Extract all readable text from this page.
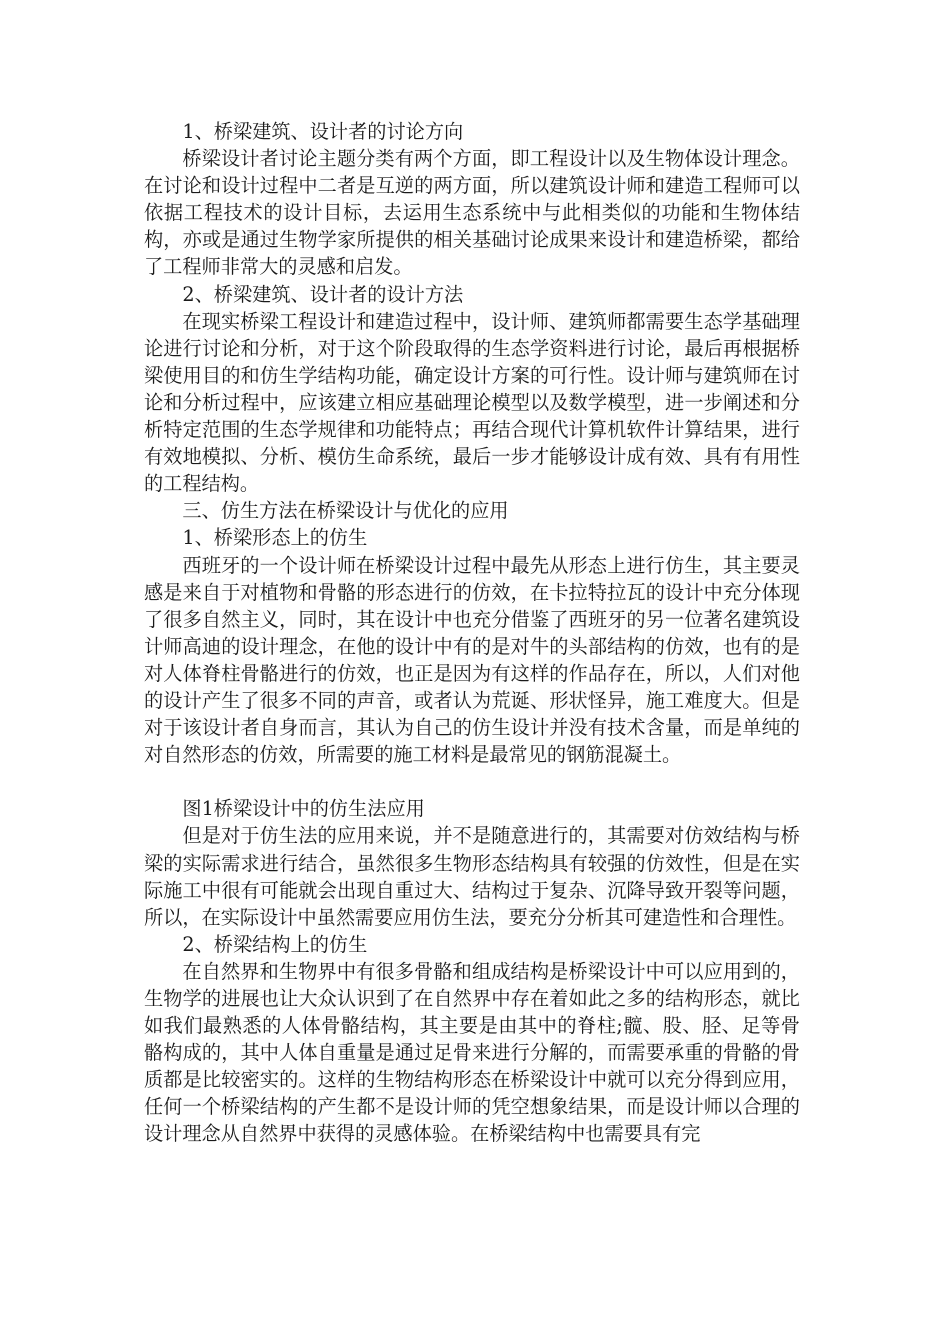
1、桥梁建筑、设计者的讨论方向

桥梁设计者讨论主题分类有两个方面，即工程设计以及生物体设计理念。在讨论和设计过程中二者是互逆的两方面，所以建筑设计师和建造工程师可以依据工程技术的设计目标，去运用生态系统中与此相类似的功能和生物体结构，亦或是通过生物学家所提供的相关基础讨论成果来设计和建造桥梁，都给了工程师非常大的灵感和启发。

2、桥梁建筑、设计者的设计方法

在现实桥梁工程设计和建造过程中，设计师、建筑师都需要生态学基础理论进行讨论和分析，对于这个阶段取得的生态学资料进行讨论，最后再根据桥梁使用目的和仿生学结构功能，确定设计方案的可行性。设计师与建筑师在讨论和分析过程中，应该建立相应基础理论模型以及数学模型，进一步阐述和分析特定范围的生态学规律和功能特点；再结合现代计算机软件计算结果，进行有效地模拟、分析、模仿生命系统，最后一步才能够设计成有效、具有有用性的工程结构。

三、仿生方法在桥梁设计与优化的应用

1、桥梁形态上的仿生

西班牙的一个设计师在桥梁设计过程中最先从形态上进行仿生，其主要灵感是来自于对植物和骨骼的形态进行的仿效，在卡拉特拉瓦的设计中充分体现了很多自然主义，同时，其在设计中也充分借鉴了西班牙的另一位著名建筑设计师高迪的设计理念，在他的设计中有的是对牛的头部结构的仿效，也有的是对人体脊柱骨骼进行的仿效，也正是因为有这样的作品存在，所以，人们对他的设计产生了很多不同的声音，或者认为荒诞、形状怪异，施工难度大。但是对于该设计者自身而言，其认为自己的仿生设计并没有技术含量，而是单纯的对自然形态的仿效，所需要的施工材料是最常见的钢筋混凝土。

图1桥梁设计中的仿生法应用

但是对于仿生法的应用来说，并不是随意进行的，其需要对仿效结构与桥梁的实际需求进行结合，虽然很多生物形态结构具有较强的仿效性，但是在实际施工中很有可能就会出现自重过大、结构过于复杂、沉降导致开裂等问题，所以，在实际设计中虽然需要应用仿生法，要充分分析其可建造性和合理性。

2、桥梁结构上的仿生

在自然界和生物界中有很多骨骼和组成结构是桥梁设计中可以应用到的，生物学的进展也让大众认识到了在自然界中存在着如此之多的结构形态，就比如我们最熟悉的人体骨骼结构，其主要是由其中的脊柱;髋、股、胫、足等骨骼构成的，其中人体自重量是通过足骨来进行分解的，而需要承重的骨骼的骨质都是比较密实的。这样的生物结构形态在桥梁设计中就可以充分得到应用，任何一个桥梁结构的产生都不是设计师的凭空想象结果，而是设计师以合理的设计理念从自然界中获得的灵感体验。在桥梁结构中也需要具有完
